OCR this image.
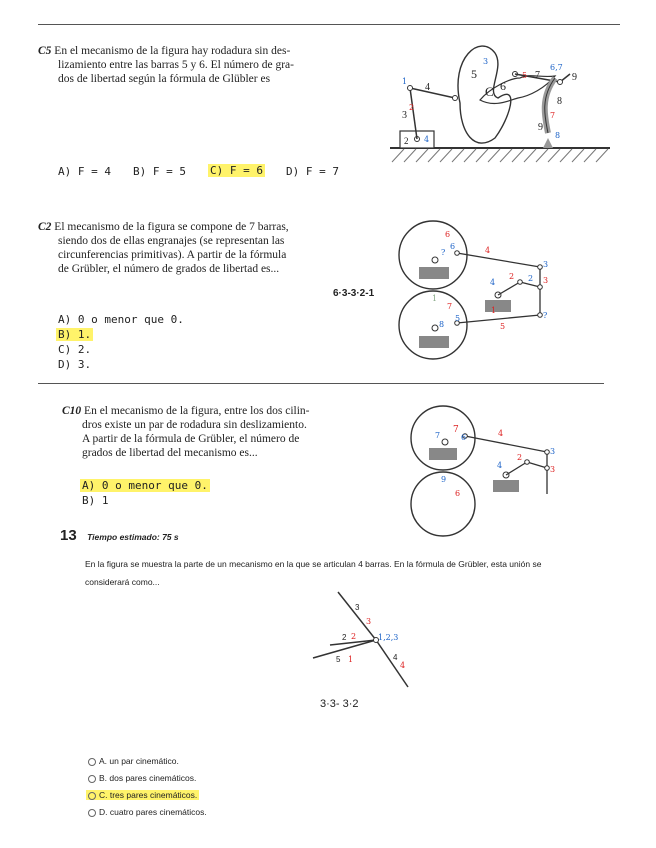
C5 En el mecanismo de la figura hay rodadura sin des-
lizamiento entre las barras 5 y 6. El número de gra-
dos de libertad según la fórmula de Glübler es
A) F = 4 B) F = 5 C) F = 6 D) F = 7
5
4
3
2
C 6
7	9
8
9
1
2
4
3
5
6,7
7
8
C2 El mecanismo de la figura se compone de 7 barras,
siendo dos de ellas engranajes (se representan las
circunferencias primitivas). A partir de la fórmula
de Grübler, el número de grados de libertad es...
A) 0 o menor que 0.
B) 1.
C) 2.
D) 3.
6·3-3·2-1
6
6
?	4
3
2 2 3
4
1
7
8
5
1
5
?
C10 En el mecanismo de la figura, entre los dos cilin-
dros existe un par de rodadura sin deslizamiento.
A partir de la fórmula de Grübler, el número de
grados de libertad del mecanismo es...
A) 0 o menor que 0.
B) 1
7
7
6	4
3
2
3
4
9
6
13 Tiempo estimado: 75 s
En la figura se muestra la parte de un mecanismo en la que se articulan 4 barras. En la fórmula de Grübler, esta unión se
considerará como...
3
3
2 2	1,2,3
5 1	4
4
3·3- 3·2
A. un par cinemático.
B. dos pares cinemáticos.
C. tres pares cinemáticos.
D. cuatro pares cinemáticos.
